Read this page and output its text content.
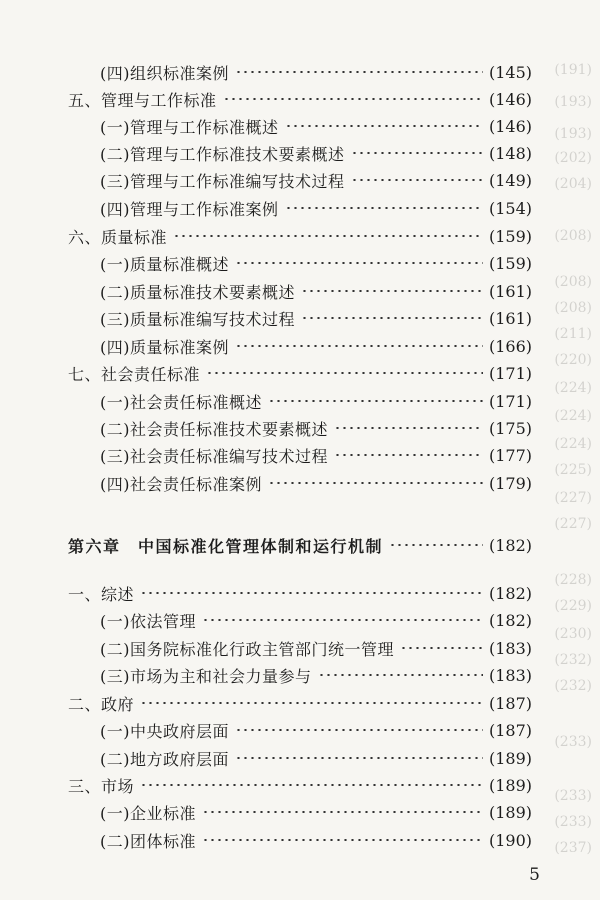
(191)
(193)
(193)
(202)
(204)
(208)
(208)
(208)
(211)
(220)
(224)
(224)
(224)
(225)
(227)
(227)
(228)
(229)
(230)
(232)
(232)
(233)
(233)
(233)
(237)
(四)组织标准案例	(145)
五、管理与工作标准	(146)
(一)管理与工作标准概述	(146)
(二)管理与工作标准技术要素概述	(148)
(三)管理与工作标准编写技术过程	(149)
(四)管理与工作标准案例	(154)
六、质量标准	(159)
(一)质量标准概述	(159)
(二)质量标准技术要素概述	(161)
(三)质量标准编写技术过程	(161)
(四)质量标准案例	(166)
七、社会责任标准	(171)
(一)社会责任标准概述	(171)
(二)社会责任标准技术要素概述	(175)
(三)社会责任标准编写技术过程	(177)
(四)社会责任标准案例	(179)
第六章　中国标准化管理体制和运行机制	(182)
一、综述	(182)
(一)依法管理	(182)
(二)国务院标准化行政主管部门统一管理	(183)
(三)市场为主和社会力量参与	(183)
二、政府	(187)
(一)中央政府层面	(187)
(二)地方政府层面	(189)
三、市场	(189)
(一)企业标准	(189)
(二)团体标准	(190)
5
